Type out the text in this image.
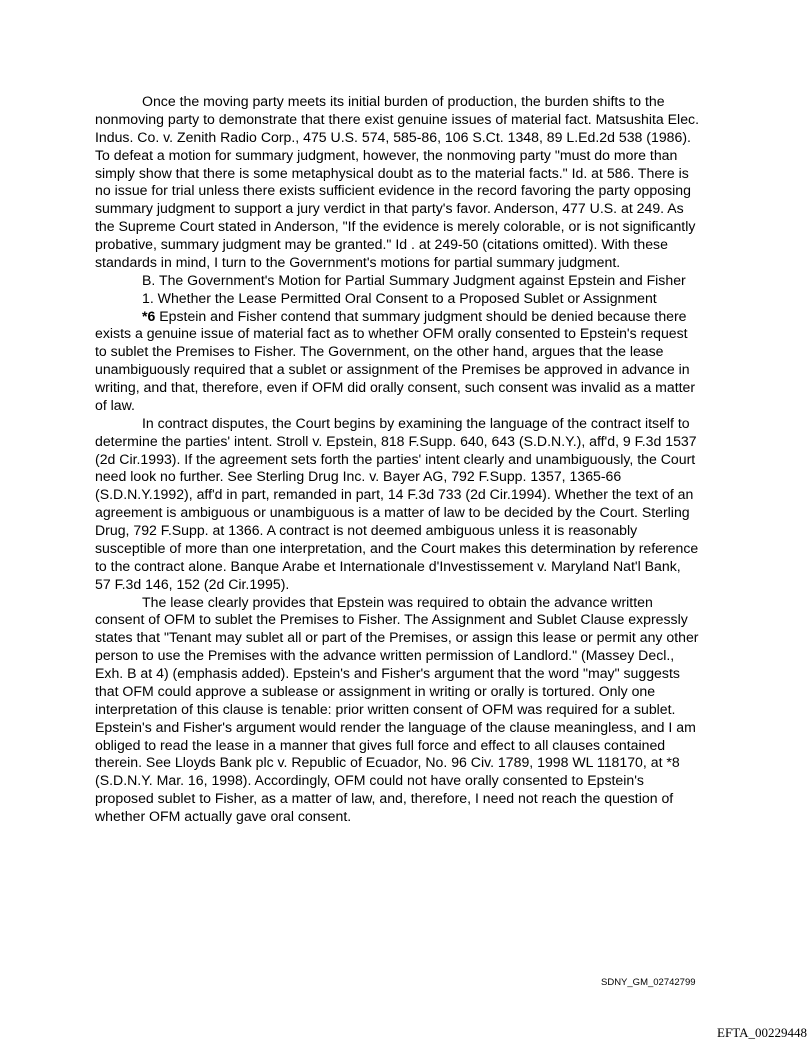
Once the moving party meets its initial burden of production, the burden shifts to the nonmoving party to demonstrate that there exist genuine issues of material fact. Matsushita Elec. Indus. Co. v. Zenith Radio Corp., 475 U.S. 574, 585-86, 106 S.Ct. 1348, 89 L.Ed.2d 538 (1986). To defeat a motion for summary judgment, however, the nonmoving party "must do more than simply show that there is some metaphysical doubt as to the material facts." Id. at 586. There is no issue for trial unless there exists sufficient evidence in the record favoring the party opposing summary judgment to support a jury verdict in that party's favor. Anderson, 477 U.S. at 249. As the Supreme Court stated in Anderson, "If the evidence is merely colorable, or is not significantly probative, summary judgment may be granted." Id . at 249-50 (citations omitted). With these standards in mind, I turn to the Government's motions for partial summary judgment.

B. The Government's Motion for Partial Summary Judgment against Epstein and Fisher

1. Whether the Lease Permitted Oral Consent to a Proposed Sublet or Assignment

*6 Epstein and Fisher contend that summary judgment should be denied because there exists a genuine issue of material fact as to whether OFM orally consented to Epstein's request to sublet the Premises to Fisher. The Government, on the other hand, argues that the lease unambiguously required that a sublet or assignment of the Premises be approved in advance in writing, and that, therefore, even if OFM did orally consent, such consent was invalid as a matter of law.

In contract disputes, the Court begins by examining the language of the contract itself to determine the parties' intent. Stroll v. Epstein, 818 F.Supp. 640, 643 (S.D.N.Y.), aff'd, 9 F.3d 1537 (2d Cir.1993). If the agreement sets forth the parties' intent clearly and unambiguously, the Court need look no further. See Sterling Drug Inc. v. Bayer AG, 792 F.Supp. 1357, 1365-66 (S.D.N.Y.1992), aff'd in part, remanded in part, 14 F.3d 733 (2d Cir.1994). Whether the text of an agreement is ambiguous or unambiguous is a matter of law to be decided by the Court. Sterling Drug, 792 F.Supp. at 1366. A contract is not deemed ambiguous unless it is reasonably susceptible of more than one interpretation, and the Court makes this determination by reference to the contract alone. Banque Arabe et Internationale d'Investissement v. Maryland Nat'l Bank, 57 F.3d 146, 152 (2d Cir.1995).

The lease clearly provides that Epstein was required to obtain the advance written consent of OFM to sublet the Premises to Fisher. The Assignment and Sublet Clause expressly states that "Tenant may sublet all or part of the Premises, or assign this lease or permit any other person to use the Premises with the advance written permission of Landlord." (Massey Decl., Exh. B at 4) (emphasis added). Epstein's and Fisher's argument that the word "may" suggests that OFM could approve a sublease or assignment in writing or orally is tortured. Only one interpretation of this clause is tenable: prior written consent of OFM was required for a sublet. Epstein's and Fisher's argument would render the language of the clause meaningless, and I am obliged to read the lease in a manner that gives full force and effect to all clauses contained therein. See Lloyds Bank plc v. Republic of Ecuador, No. 96 Civ. 1789, 1998 WL 118170, at *8 (S.D.N.Y. Mar. 16, 1998). Accordingly, OFM could not have orally consented to Epstein's proposed sublet to Fisher, as a matter of law, and, therefore, I need not reach the question of whether OFM actually gave oral consent.

SDNY_GM_02742799
EFTA_00229448
